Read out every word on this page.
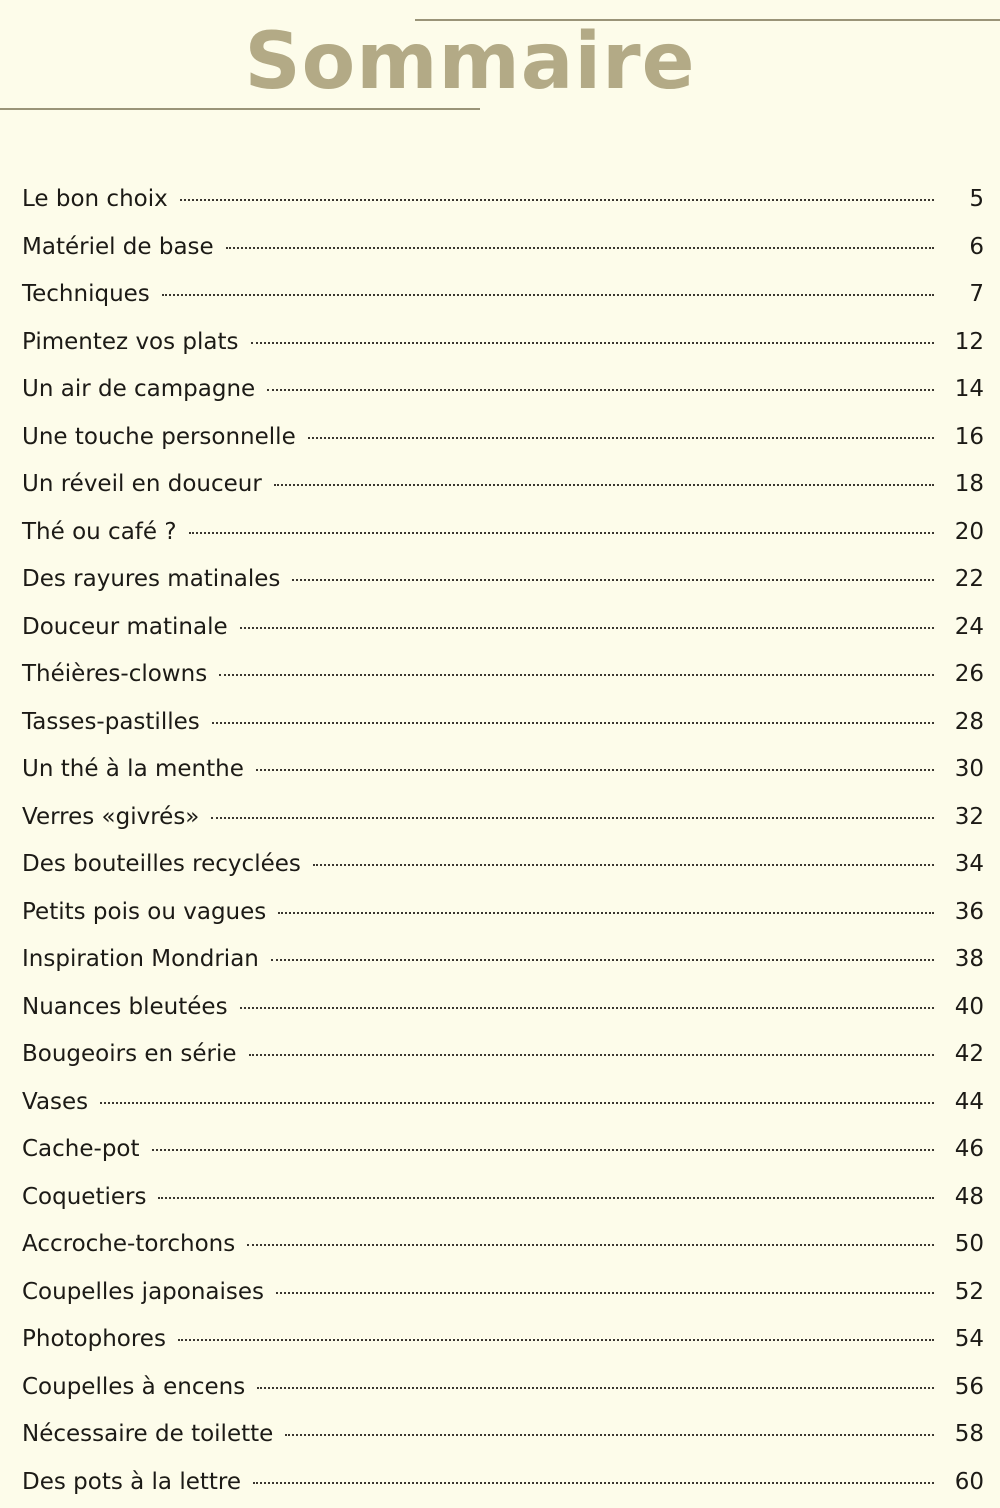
Sommaire
Le bon choix	5
Matériel de base	6
Techniques	7
Pimentez vos plats	12
Un air de campagne	14
Une touche personnelle	16
Un réveil en douceur	18
Thé ou café ?	20
Des rayures matinales	22
Douceur matinale	24
Théières-clowns	26
Tasses-pastilles	28
Un thé à la menthe	30
Verres «givrés»	32
Des bouteilles recyclées	34
Petits pois ou vagues	36
Inspiration Mondrian	38
Nuances bleutées	40
Bougeoirs en série	42
Vases	44
Cache-pot	46
Coquetiers	48
Accroche-torchons	50
Coupelles japonaises	52
Photophores	54
Coupelles à encens	56
Nécessaire de toilette	58
Des pots à la lettre	60
